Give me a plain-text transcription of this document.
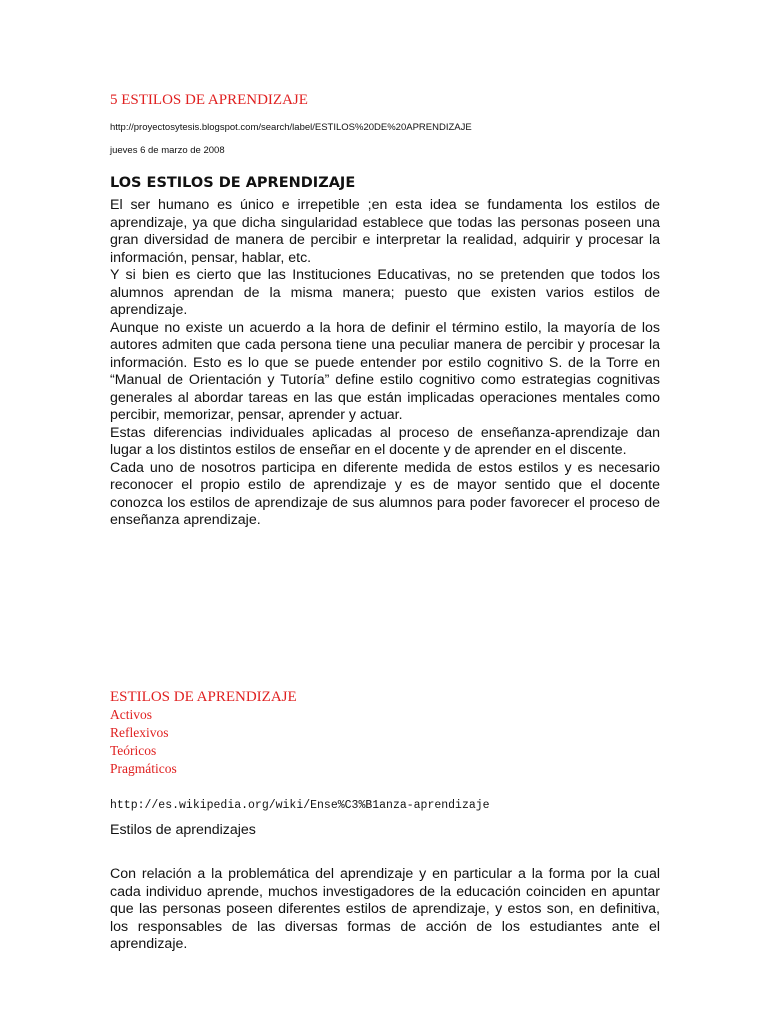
5 ESTILOS DE APRENDIZAJE
http://proyectosytesis.blogspot.com/search/label/ESTILOS%20DE%20APRENDIZAJE
jueves 6 de marzo de 2008
LOS ESTILOS DE APRENDIZAJE

El ser humano es único e irrepetible ;en esta idea se fundamenta los estilos de aprendizaje, ya que dicha singularidad establece que todas las personas poseen una gran diversidad de manera de percibir e interpretar la realidad, adquirir y procesar la información, pensar, hablar, etc.

Y si bien es cierto que las Instituciones Educativas, no se pretenden que todos los alumnos aprendan de la misma manera; puesto que existen varios estilos de aprendizaje.

Aunque no existe un acuerdo a la hora de definir el término estilo, la mayoría de los autores admiten que cada persona tiene una peculiar manera de percibir y procesar la información. Esto es lo que se puede entender por estilo cognitivo S. de la Torre en “Manual de Orientación y Tutoría” define estilo cognitivo como estrategias cognitivas generales al abordar tareas en las que están implicadas operaciones mentales como percibir, memorizar, pensar, aprender y actuar.

Estas diferencias individuales aplicadas al proceso de enseñanza-aprendizaje dan lugar a los distintos estilos de enseñar en el docente y de aprender en el discente.

Cada uno de nosotros participa en diferente medida de estos estilos y es necesario reconocer el propio estilo de aprendizaje y es de mayor sentido que el docente conozca los estilos de aprendizaje de sus alumnos para poder favorecer el proceso de enseñanza aprendizaje.

ESTILOS DE APRENDIZAJE
Activos
Reflexivos
Teóricos
Pragmáticos
http://es.wikipedia.org/wiki/Ense%C3%B1anza-aprendizaje
Estilos de aprendizajes

Con relación a la problemática del aprendizaje y en particular a la forma por la cual cada individuo aprende, muchos investigadores de la educación coinciden en apuntar que las personas poseen diferentes estilos de aprendizaje, y estos son, en definitiva, los responsables de las diversas formas de acción de los estudiantes ante el aprendizaje.
